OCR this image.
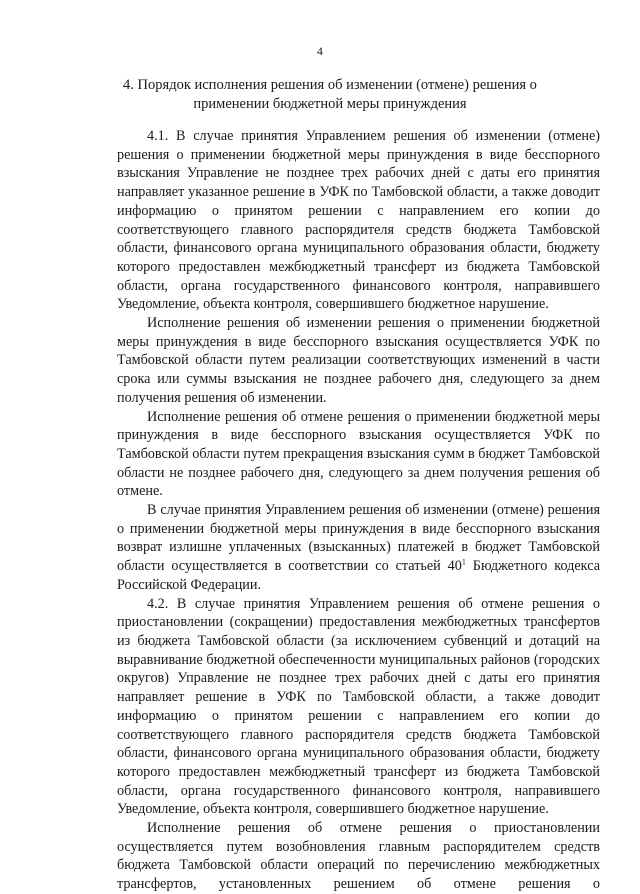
4
4. Порядок исполнения решения об изменении (отмене) решения о применении бюджетной меры принуждения

4.1. В случае принятия Управлением решения об изменении (отмене) решения о применении бюджетной меры принуждения в виде бесспорного взыскания Управление не позднее трех рабочих дней с даты его принятия направляет указанное решение в УФК по Тамбовской области, а также доводит информацию о принятом решении с направлением его копии до соответствующего главного распорядителя средств бюджета Тамбовской области, финансового органа муниципального образования области, бюджету которого предоставлен межбюджетный трансферт из бюджета Тамбовской области, органа государственного финансового контроля, направившего Уведомление, объекта контроля, совершившего бюджетное нарушение.

Исполнение решения об изменении решения о применении бюджетной меры принуждения в виде бесспорного взыскания осуществляется УФК по Тамбовской области путем реализации соответствующих изменений в части срока или суммы взыскания не позднее рабочего дня, следующего за днем получения решения об изменении.

Исполнение решения об отмене решения о применении бюджетной меры принуждения в виде бесспорного взыскания осуществляется УФК по Тамбовской области путем прекращения взыскания сумм в бюджет Тамбовской области не позднее рабочего дня, следующего за днем получения решения об отмене.

В случае принятия Управлением решения об изменении (отмене) решения о применении бюджетной меры принуждения в виде бесспорного взыскания возврат излишне уплаченных (взысканных) платежей в бюджет Тамбовской области осуществляется в соответствии со статьей $40^1$ Бюджетного кодекса Российской Федерации.

4.2. В случае принятия Управлением решения об отмене решения о приостановлении (сокращении) предоставления межбюджетных трансфертов из бюджета Тамбовской области (за исключением субвенций и дотаций на выравнивание бюджетной обеспеченности муниципальных районов (городских округов) Управление не позднее трех рабочих дней с даты его принятия направляет решение в УФК по Тамбовской области, а также доводит информацию о принятом решении с направлением его копии до соответствующего главного распорядителя средств бюджета Тамбовской области, финансового органа муниципального образования области, бюджету которого предоставлен межбюджетный трансферт из бюджета Тамбовской области, органа государственного финансового контроля, направившего Уведомление, объекта контроля, совершившего бюджетное нарушение.

Исполнение решения об отмене решения о приостановлении осуществляется путем возобновления главным распорядителем средств бюджета Тамбовской области операций по перечислению межбюджетных трансфертов, установленных решением об отмене решения о
